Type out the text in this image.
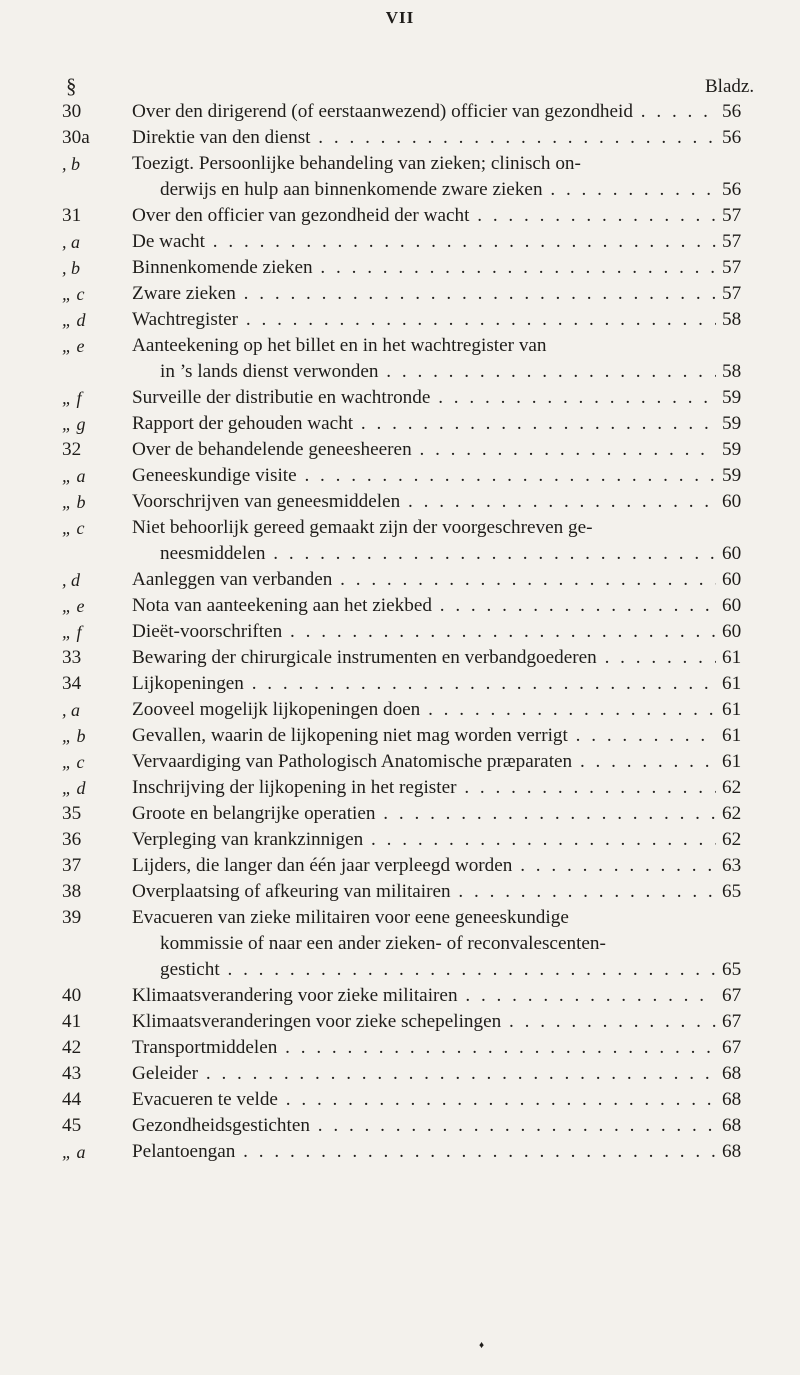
VII
§	Bladz.
30	Over den dirigerend (of eerstaanwezend) officier van gezondheid . . .	56
30a	Direktie van den dienst . . .	56
, b	Toezigt. Persoonlijke behandeling van zieken; clinisch on-
derwijs en hulp aan binnenkomende zware zieken . . .	56
31	Over den officier van gezondheid der wacht . . .	57
, a	De wacht . . .	57
, b	Binnenkomende zieken . . .	57
„ c	Zware zieken . . .	57
„ d	Wachtregister . . .	58
„ e	Aanteekening op het billet en in het wachtregister van
in ’s lands dienst verwonden . . .	58
„ f	Surveille der distributie en wachtronde . . .	59
„ g	Rapport der gehouden wacht . . .	59
32	Over de behandelende geneesheeren . . .	59
„ a	Geneeskundige visite . . .	59
„ b	Voorschrijven van geneesmiddelen . . .	60
„ c	Niet behoorlijk gereed gemaakt zijn der voorgeschreven ge-
neesmiddelen . . .	60
, d	Aanleggen van verbanden . . .	60
„ e	Nota van aanteekening aan het ziekbed . . .	60
„ f	Dieët-voorschriften . . .	60
33	Bewaring der chirurgicale instrumenten en verbandgoederen . . .	61
34	Lijkopeningen . . .	61
, a	Zooveel mogelijk lijkopeningen doen . . .	61
„ b	Gevallen, waarin de lijkopening niet mag worden verrigt . . .	61
„ c	Vervaardiging van Pathologisch Anatomische præparaten . . .	61
„ d	Inschrijving der lijkopening in het register . . .	62
35	Groote en belangrijke operatien . . .	62
36	Verpleging van krankzinnigen . . .	62
37	Lijders, die langer dan één jaar verpleegd worden . . .	63
38	Overplaatsing of afkeuring van militairen . . .	65
39	Evacueren van zieke militairen voor eene geneeskundige
kommissie of naar een ander zieken- of reconvalescenten-
gesticht . . .	65
40	Klimaatsverandering voor zieke militairen . . .	67
41	Klimaatsveranderingen voor zieke schepelingen . . .	67
42	Transportmiddelen . . .	67
43	Geleider . . .	68
44	Evacueren te velde . . .	68
45	Gezondheidsgestichten . . .	68
„ a	Pelantoengan . . .	68
♦
